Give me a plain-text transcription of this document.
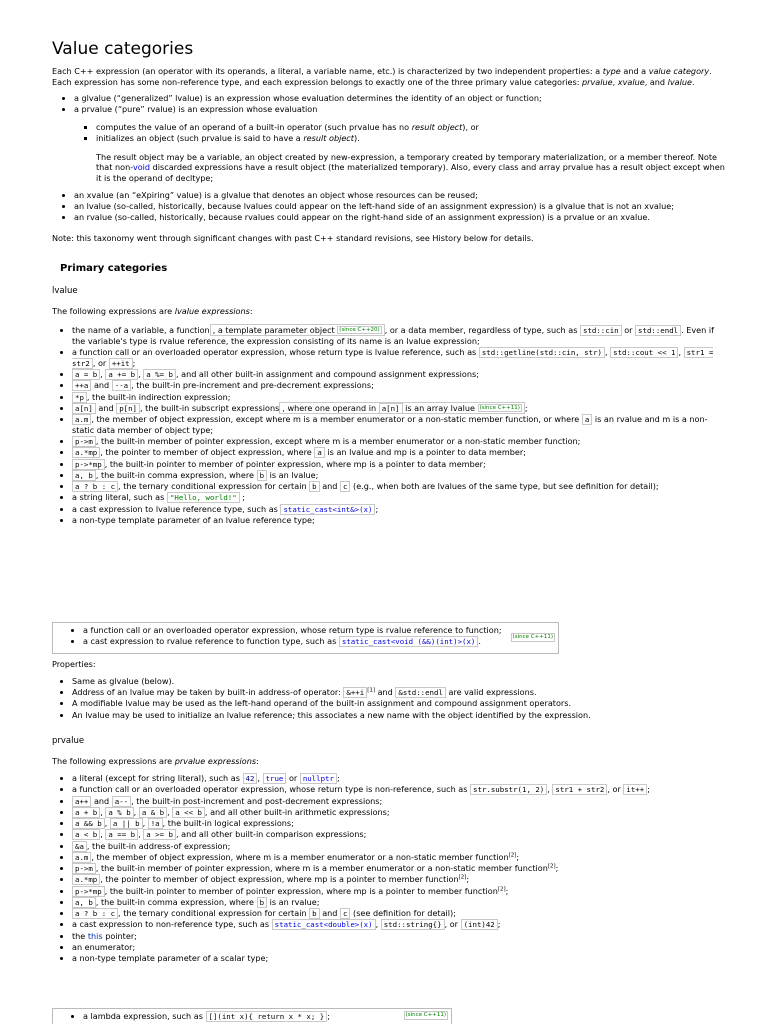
Value categories
Each C++ expression (an operator with its operands, a literal, a variable name, etc.) is characterized by two independent properties: a type and a value category. Each expression has some non-reference type, and each expression belongs to exactly one of the three primary value categories: prvalue, xvalue, and lvalue.
• a glvalue (“generalized” lvalue) is an expression whose evaluation determines the identity of an object or function;
• a prvalue (“pure” rvalue) is an expression whose evaluation
▪ computes the value of an operand of a built-in operator (such prvalue has no result object), or
▪ initializes an object (such prvalue is said to have a result object).
The result object may be a variable, an object created by new-expression, a temporary created by temporary materialization, or a member thereof. Note that non-void discarded expressions have a result object (the materialized temporary). Also, every class and array prvalue has a result object except when it is the operand of decltype;
• an xvalue (an “eXpiring” value) is a glvalue that denotes an object whose resources can be reused;
• an lvalue (so-called, historically, because lvalues could appear on the left-hand side of an assignment expression) is a glvalue that is not an xvalue;
• an rvalue (so-called, historically, because rvalues could appear on the right-hand side of an assignment expression) is a prvalue or an xvalue.
Note: this taxonomy went through significant changes with past C++ standard revisions, see History below for details.
Primary categories
lvalue
The following expressions are lvalue expressions:
• the name of a variable, a function , a template parameter object (since C++20) , or a data member, regardless of type, such as std::cin or std::endl . Even if the variable's type is rvalue reference, the expression consisting of its name is an lvalue expression;
• a function call or an overloaded operator expression, whose return type is lvalue reference, such as std::getline(std::cin, str) , std::cout << 1 , str1 = str2 , or ++it ;
• a = b , a += b , a %= b , and all other built-in assignment and compound assignment expressions;
• ++a and --a , the built-in pre-increment and pre-decrement expressions;
• *p , the built-in indirection expression;
• a[n] and p[n] , the built-in subscript expressions , where one operand in a[n] is an array lvalue (since C++11) ;
• a.m , the member of object expression, except where m is a member enumerator or a non-static member function, or where a is an rvalue and m is a non-static data member of object type;
• p->m , the built-in member of pointer expression, except where m is a member enumerator or a non-static member function;
• a.*mp , the pointer to member of object expression, where a is an lvalue and mp is a pointer to data member;
• p->*mp , the built-in pointer to member of pointer expression, where mp is a pointer to data member;
• a, b , the built-in comma expression, where b is an lvalue;
• a ? b : c , the ternary conditional expression for certain b and c (e.g., when both are lvalues of the same type, but see definition for detail);
• a string literal, such as "Hello, world!" ;
• a cast expression to lvalue reference type, such as static_cast<int&>(x) ;
• a non-type template parameter of an lvalue reference type;
• a function call or an overloaded operator expression, whose return type is rvalue reference to function;
• a cast expression to rvalue reference to function type, such as static_cast<void (&&)(int)>(x) .	(since C++11)
Properties:
• Same as glvalue (below).
• Address of an lvalue may be taken by built-in address-of operator: &++i [1] and &std::endl are valid expressions.
• A modifiable lvalue may be used as the left-hand operand of the built-in assignment and compound assignment operators.
• An lvalue may be used to initialize an lvalue reference; this associates a new name with the object identified by the expression.
prvalue
The following expressions are prvalue expressions:
• a literal (except for string literal), such as 42 , true or nullptr ;
• a function call or an overloaded operator expression, whose return type is non-reference, such as str.substr(1, 2) , str1 + str2 , or it++ ;
• a++ and a-- , the built-in post-increment and post-decrement expressions;
• a + b , a % b , a & b , a << b , and all other built-in arithmetic expressions;
• a && b , a || b , !a , the built-in logical expressions;
• a < b , a == b , a >= b , and all other built-in comparison expressions;
• &a , the built-in address-of expression;
• a.m , the member of object expression, where m is a member enumerator or a non-static member function[2];
• p->m , the built-in member of pointer expression, where m is a member enumerator or a non-static member function[2];
• a.*mp , the pointer to member of object expression, where mp is a pointer to member function[2];
• p->*mp , the built-in pointer to member of pointer expression, where mp is a pointer to member function[2];
• a, b , the built-in comma expression, where b is an rvalue;
• a ? b : c , the ternary conditional expression for certain b and c (see definition for detail);
• a cast expression to non-reference type, such as static_cast<double>(x) , std::string{} , or (int)42 ;
• the this pointer;
• an enumerator;
• a non-type template parameter of a scalar type;
• a lambda expression, such as [](int x){ return x * x; } ;	(since C++11)
